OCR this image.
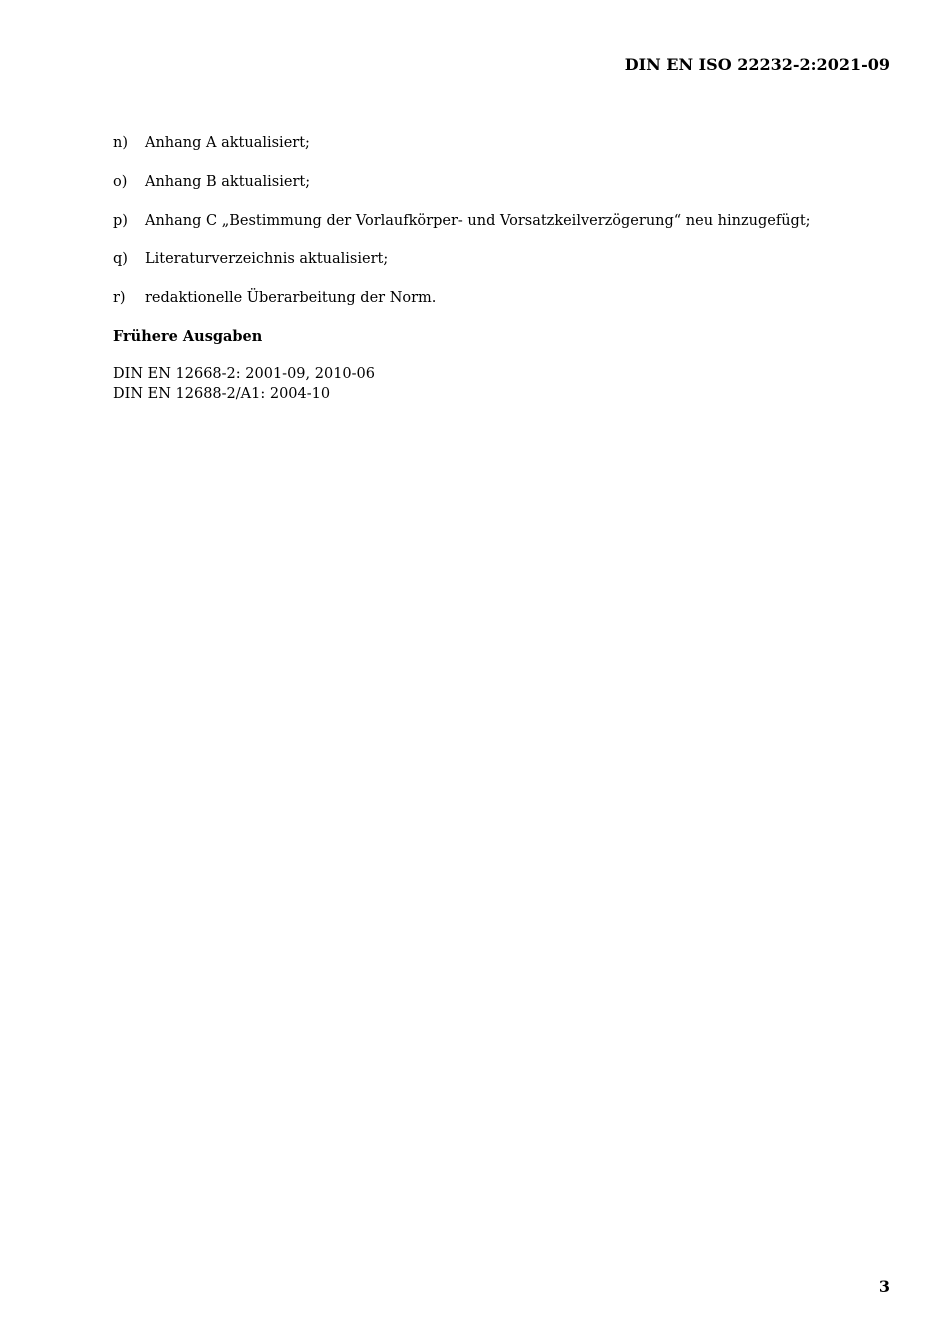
DIN EN ISO 22232-2:2021-09
n)	Anhang A aktualisiert;
o)	Anhang B aktualisiert;
p)	Anhang C „Bestimmung der Vorlaufkörper- und Vorsatzkeilverzögerung“ neu hinzugefügt;
q)	Literaturverzeichnis aktualisiert;
r)	redaktionelle Überarbeitung der Norm.
Frühere Ausgaben
DIN EN 12668-2: 2001-09, 2010-06
DIN EN 12688-2/A1: 2004-10
3
